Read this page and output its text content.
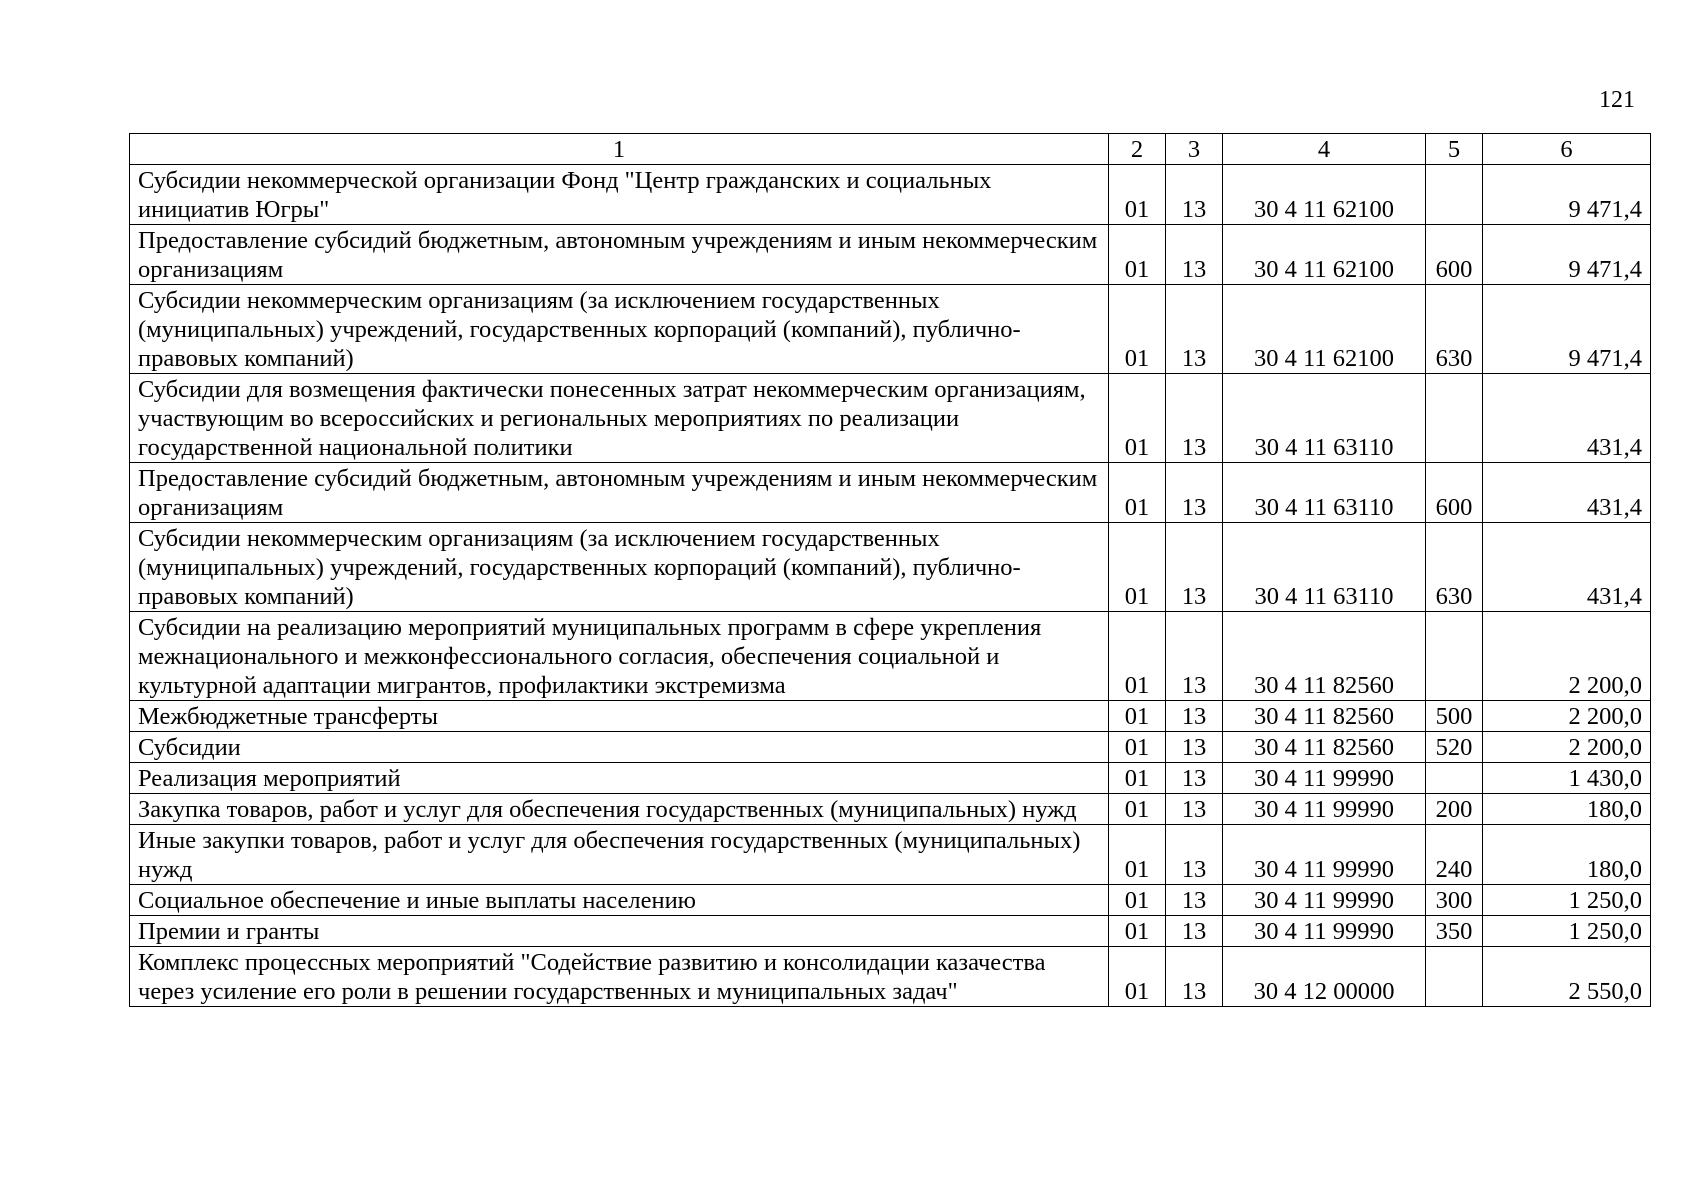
121
1	2	3	4	5	6
Субсидии некоммерческой организации Фонд "Центр гражданских и социальных инициатив Югры"	01	13	30 4 11 62100		9 471,4
Предоставление субсидий бюджетным, автономным учреждениям и иным некоммерческим организациям	01	13	30 4 11 62100	600	9 471,4
Субсидии некоммерческим организациям (за исключением государственных (муниципальных) учреждений, государственных корпораций (компаний), публично-правовых компаний)	01	13	30 4 11 62100	630	9 471,4
Субсидии для возмещения фактически понесенных затрат некоммерческим организациям, участвующим во всероссийских и региональных мероприятиях по реализации государственной национальной политики	01	13	30 4 11 63110		431,4
Предоставление субсидий бюджетным, автономным учреждениям и иным некоммерческим организациям	01	13	30 4 11 63110	600	431,4
Субсидии некоммерческим организациям (за исключением государственных (муниципальных) учреждений, государственных корпораций (компаний), публично-правовых компаний)	01	13	30 4 11 63110	630	431,4
Субсидии на реализацию мероприятий муниципальных программ в сфере укрепления межнационального и межконфессионального согласия, обеспечения социальной и культурной адаптации мигрантов, профилактики экстремизма	01	13	30 4 11 82560		2 200,0
Межбюджетные трансферты	01	13	30 4 11 82560	500	2 200,0
Субсидии	01	13	30 4 11 82560	520	2 200,0
Реализация мероприятий	01	13	30 4 11 99990		1 430,0
Закупка товаров, работ и услуг для обеспечения государственных (муниципальных) нужд	01	13	30 4 11 99990	200	180,0
Иные закупки товаров, работ и услуг для обеспечения государственных (муниципальных) нужд	01	13	30 4 11 99990	240	180,0
Социальное обеспечение и иные выплаты населению	01	13	30 4 11 99990	300	1 250,0
Премии и гранты	01	13	30 4 11 99990	350	1 250,0
Комплекс процессных мероприятий "Содействие развитию и консолидации казачества через усиление его роли в решении государственных и муниципальных задач"	01	13	30 4 12 00000		2 550,0
